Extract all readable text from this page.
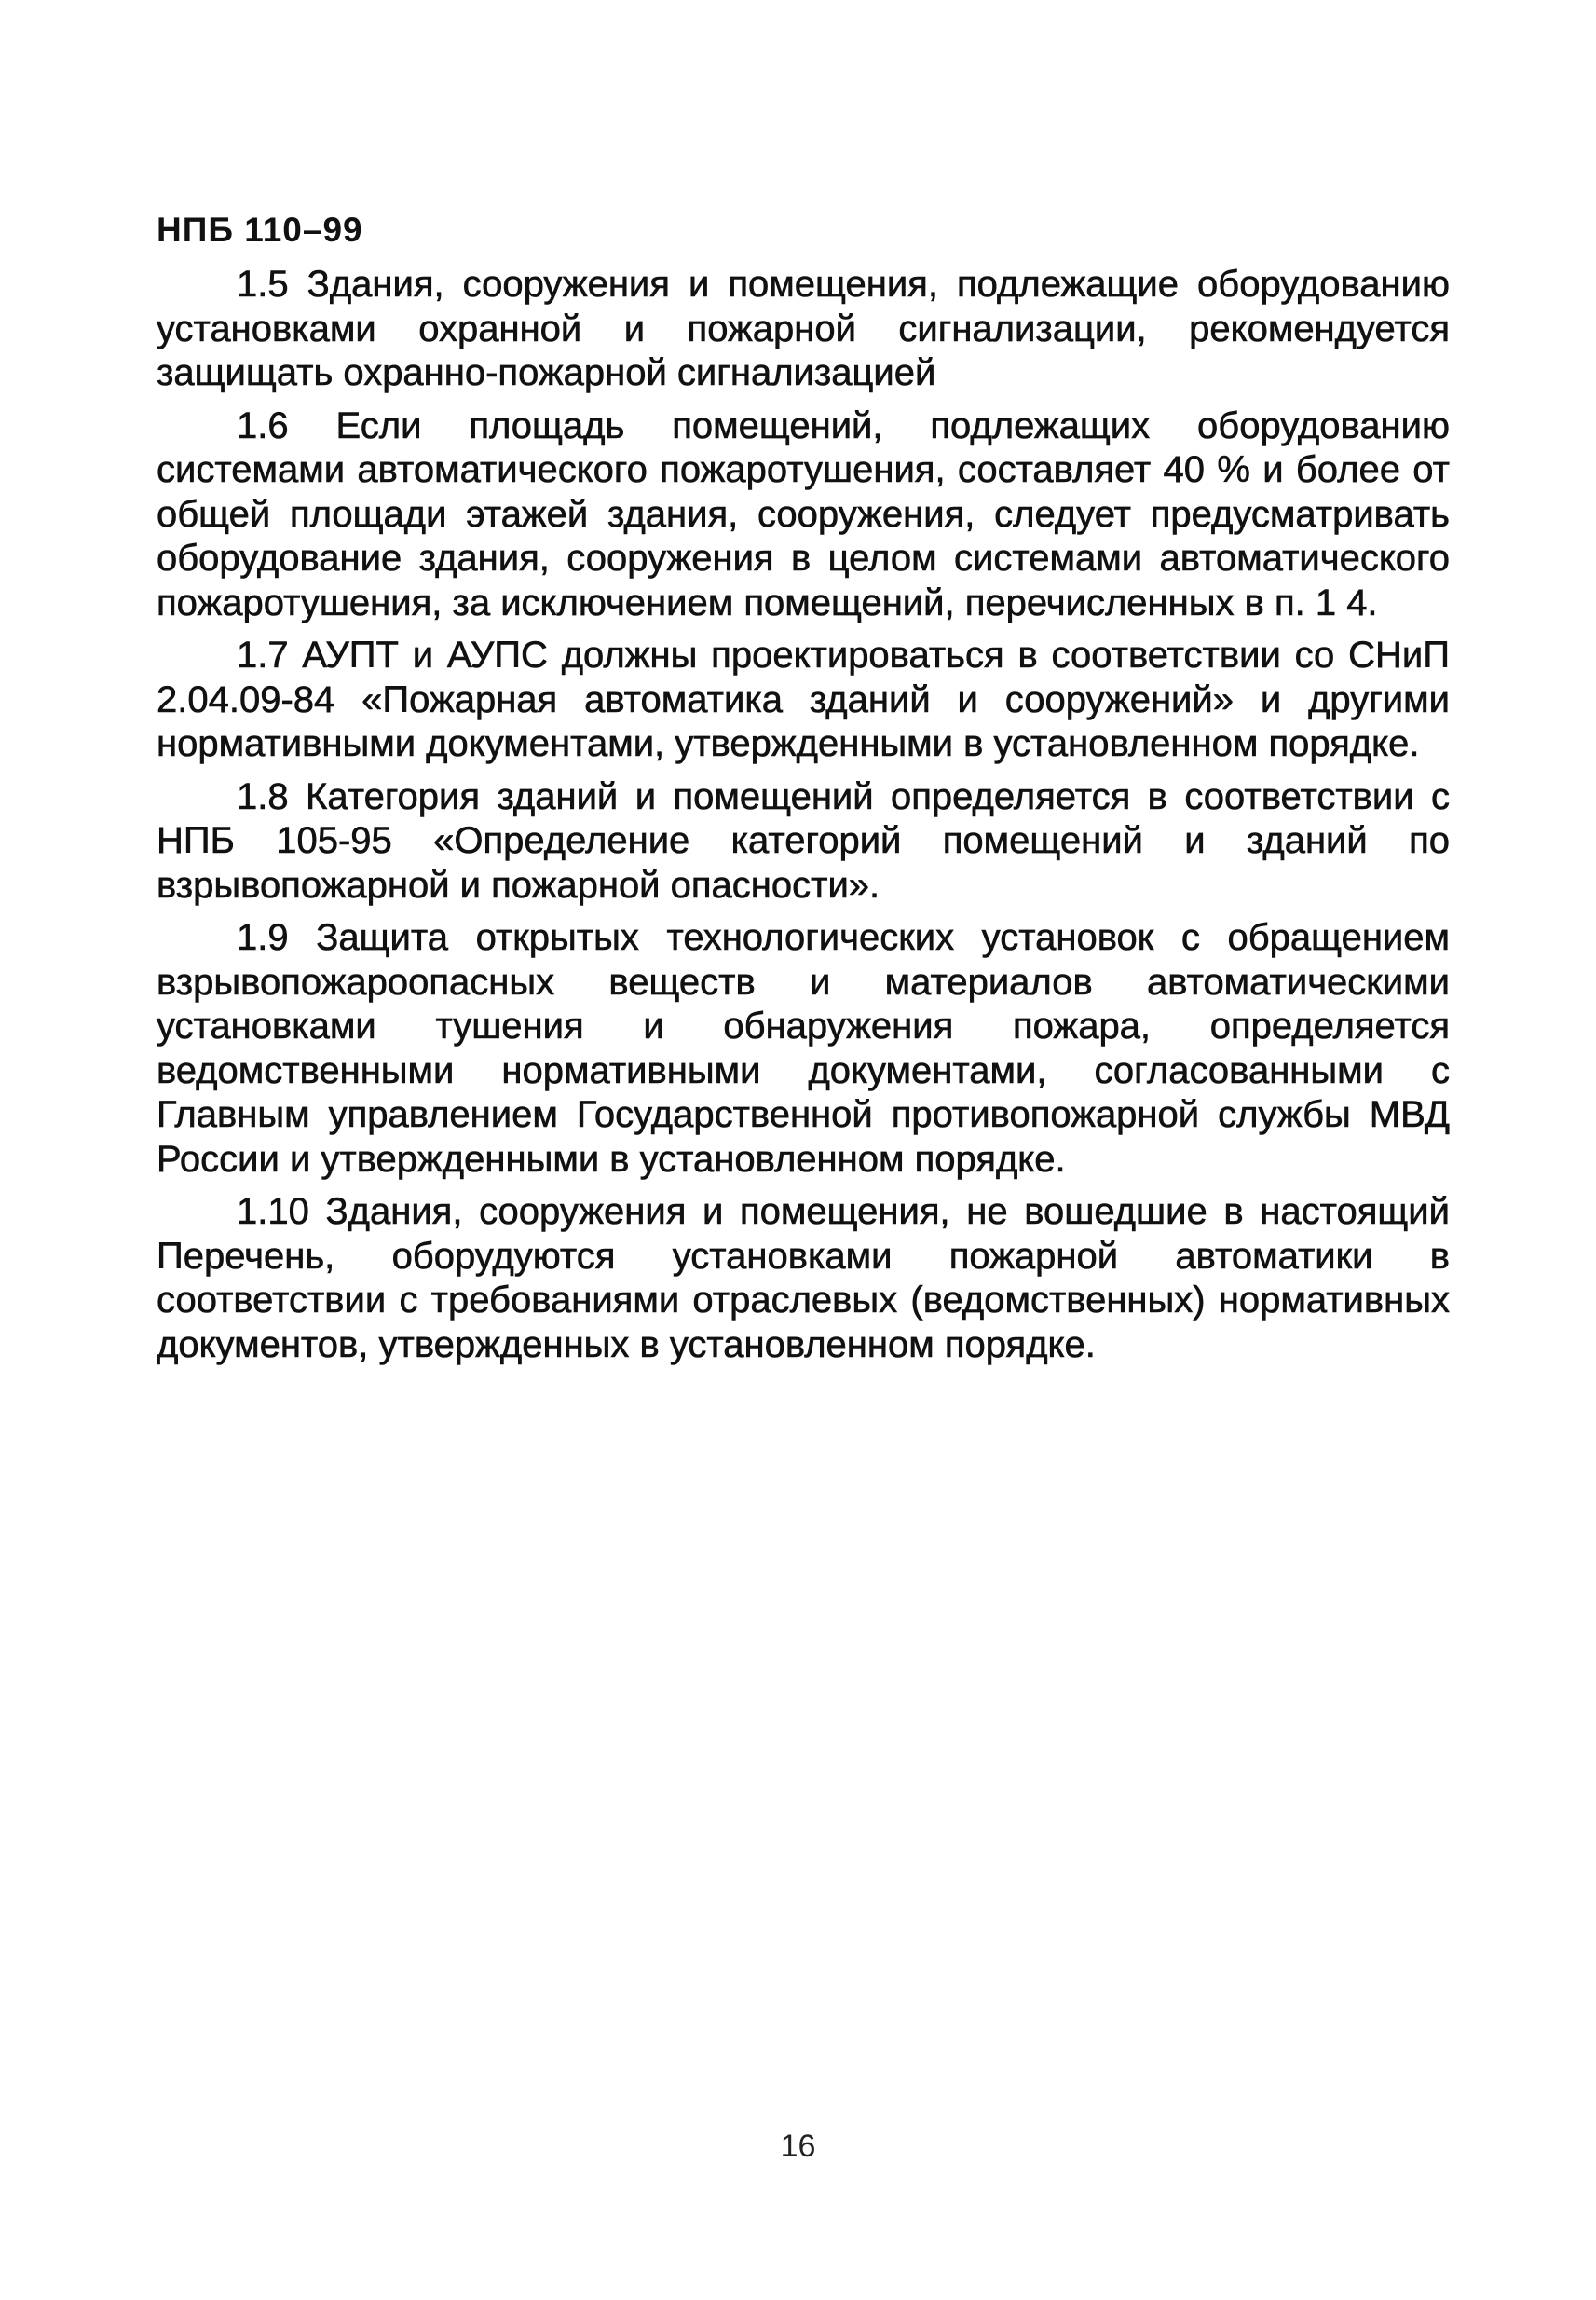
НПБ 110–99

1.5 Здания, сооружения и помещения, подлежащие оборудованию установками охранной и пожарной сигнализации, рекомендуется защищать охранно-пожарной сигнализацией

1.6 Если площадь помещений, подлежащих оборудованию системами автоматического пожаротушения, составляет 40 % и более от общей площади этажей здания, сооружения, следует предусматривать оборудование здания, сооружения в целом системами автоматического пожаротушения, за исключением помещений, перечисленных в п. 1 4.

1.7 АУПТ и АУПС должны проектироваться в соответствии со СНиП 2.04.09-84 «Пожарная автоматика зданий и сооружений» и другими нормативными документами, утвержденными в установленном порядке.

1.8 Категория зданий и помещений определяется в соответствии с НПБ 105-95 «Определение категорий помещений и зданий по взрывопожарной и пожарной опасности».

1.9 Защита открытых технологических установок с обращением взрывопожароопасных веществ и материалов автоматическими установками тушения и обнаружения пожара, определяется ведомственными нормативными документами, согласованными с Главным управлением Государственной противопожарной службы МВД России и утвержденными в установленном порядке.

1.10 Здания, сооружения и помещения, не вошедшие в настоящий Перечень, оборудуются установками пожарной автоматики в соответствии с требованиями отраслевых (ведомственных) нормативных документов, утвержденных в установленном порядке.

16
